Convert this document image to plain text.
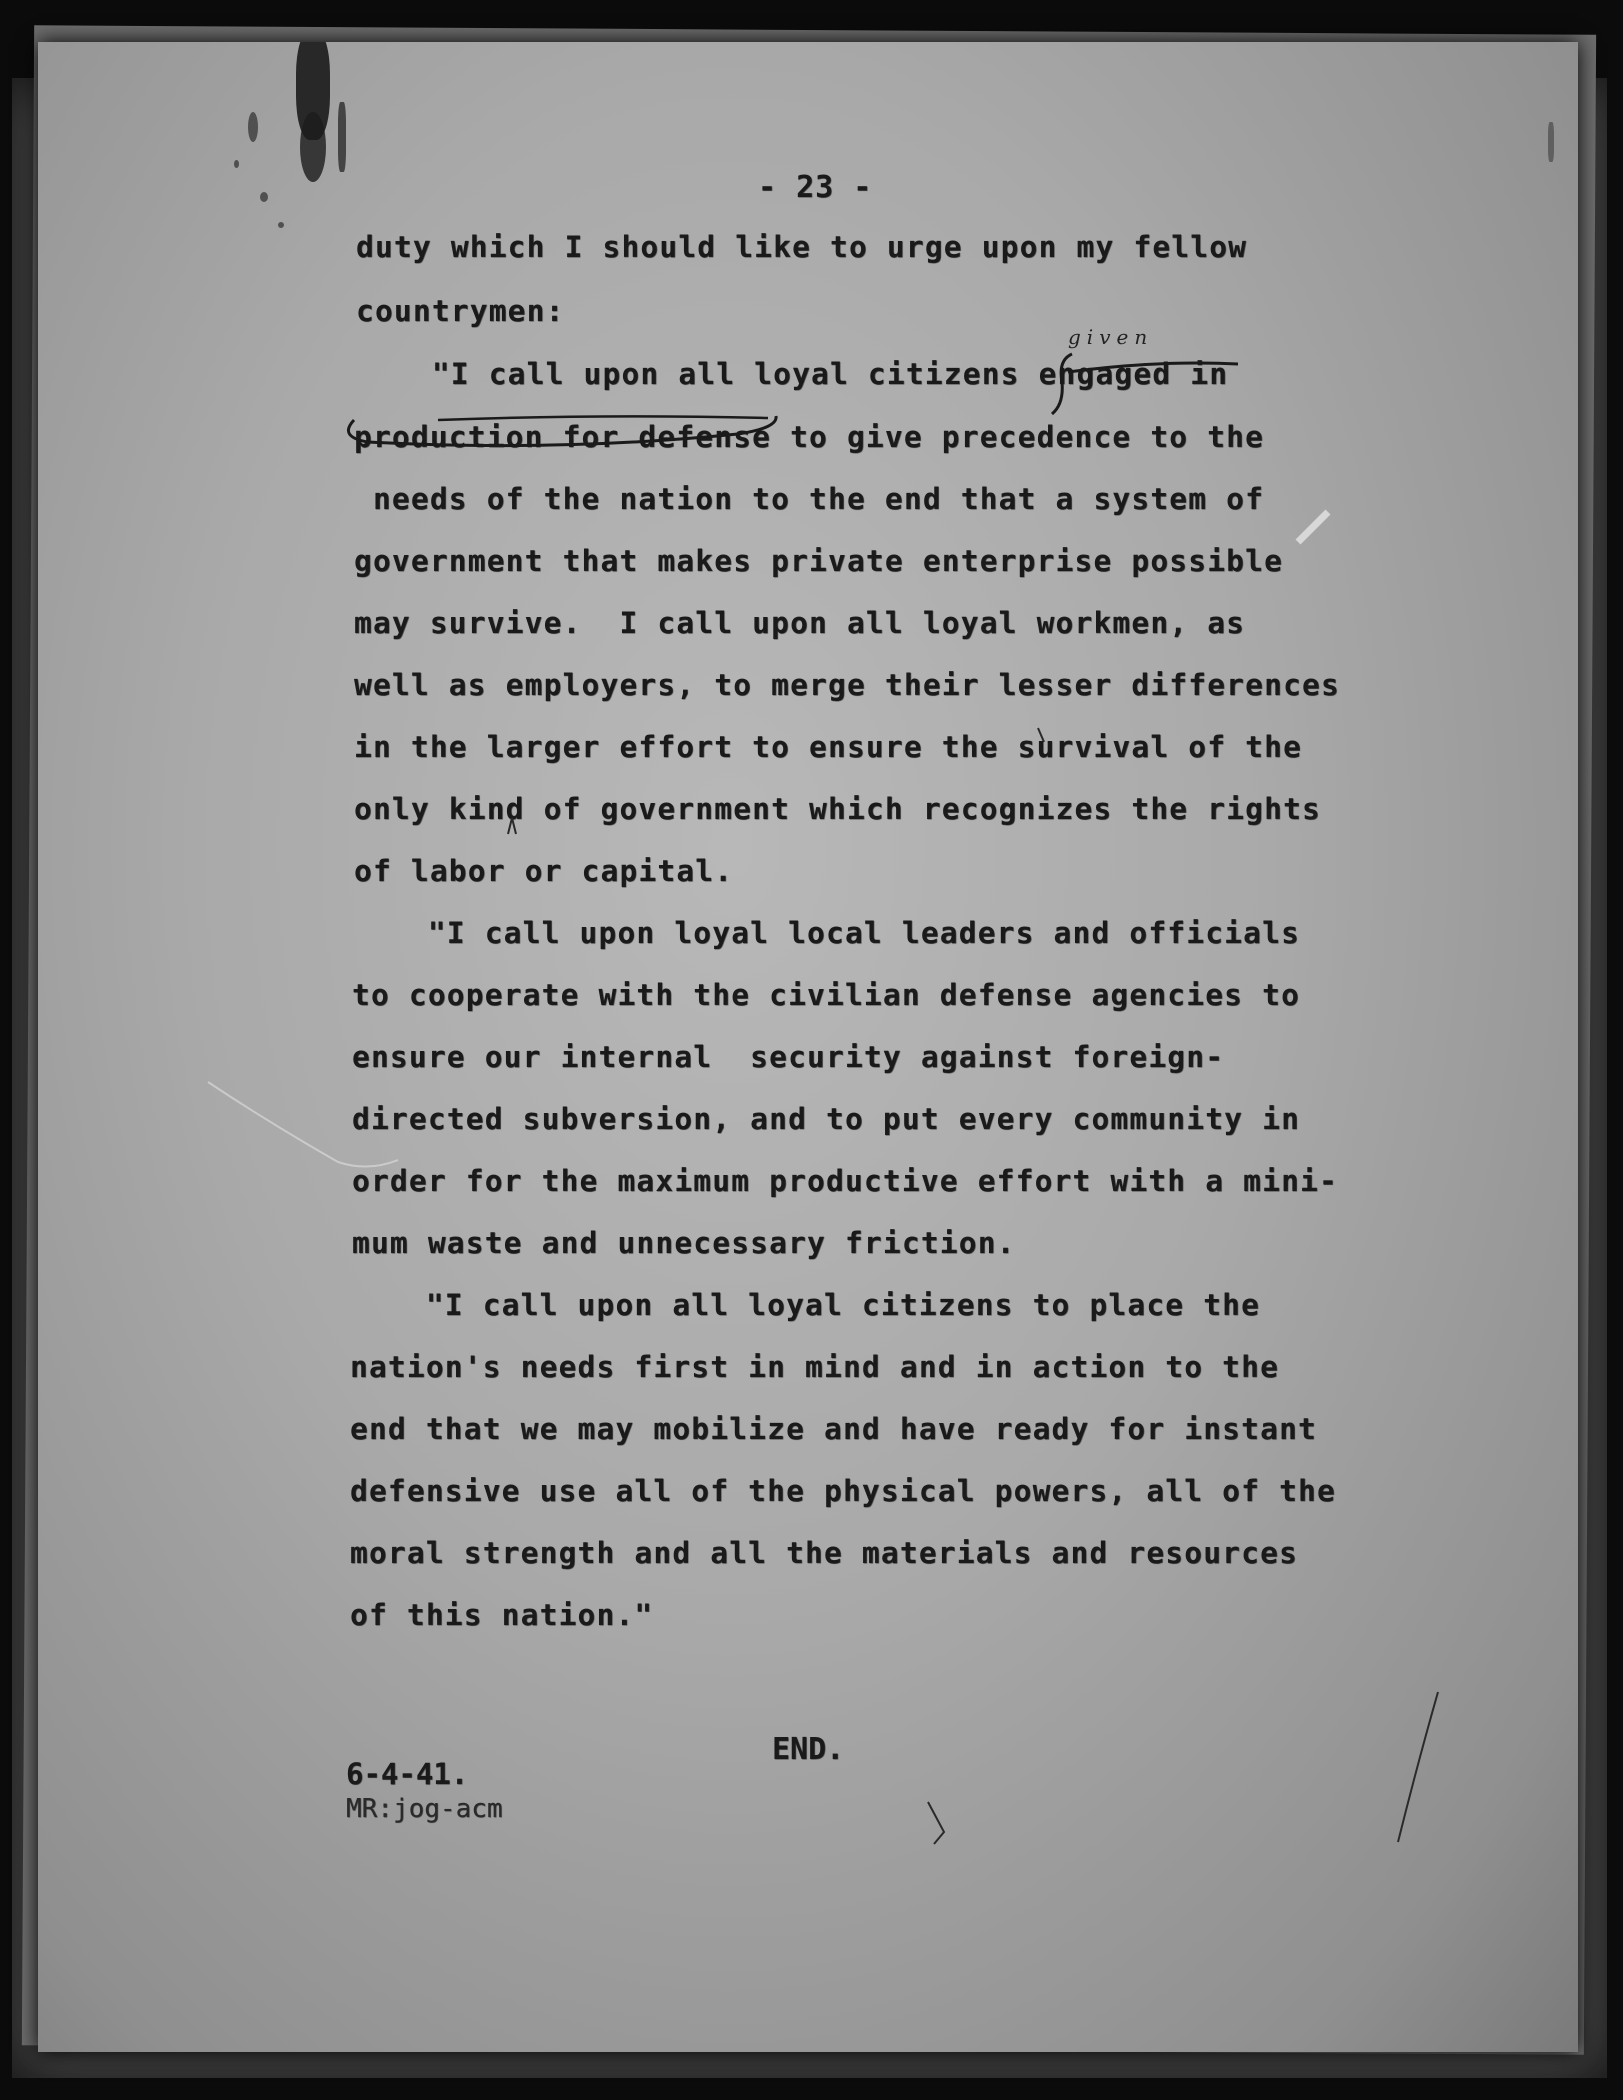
- 23 -
duty which I should like to urge upon my fellow
countrymen:
"I call upon all loyal citizens engaged in
production for defense to give precedence to the
needs of the nation to the end that a system of
government that makes private enterprise possible
may survive.  I call upon all loyal workmen, as
well as employers, to merge their lesser differences
in the larger effort to ensure the survival of the
only kind of government which recognizes the rights
of labor or capital.
"I call upon loyal local leaders and officials
to cooperate with the civilian defense agencies to
ensure our internal  security against foreign-
directed subversion, and to put every community in
order for the maximum productive effort with a mini-
mum waste and unnecessary friction.
"I call upon all loyal citizens to place the
nation's needs first in mind and in action to the
end that we may mobilize and have ready for instant
defensive use all of the physical powers, all of the
moral strength and all the materials and resources
of this nation."
END.
6-4-41.
MR:jog-acm
given
